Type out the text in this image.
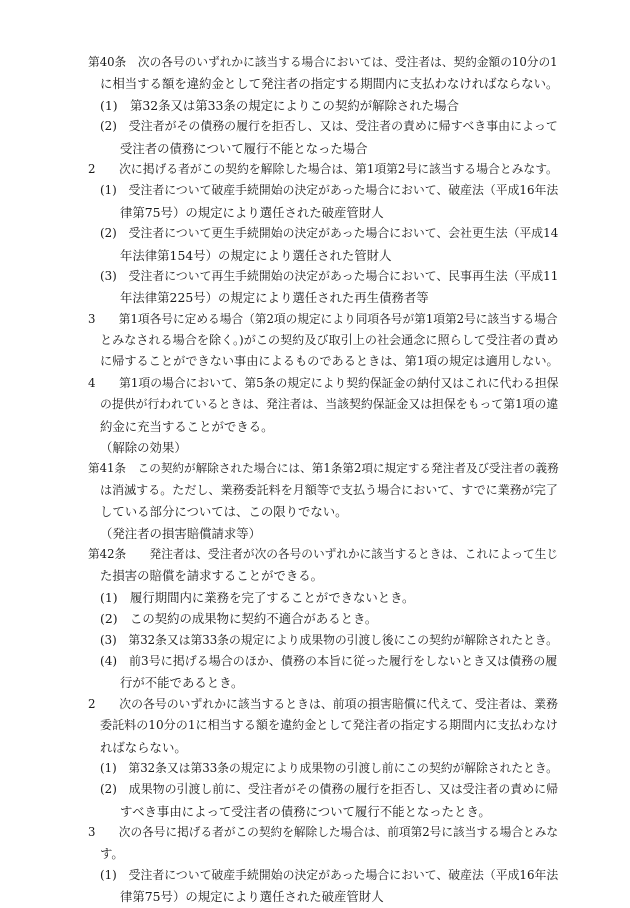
第40条　次の各号のいずれかに該当する場合においては、受注者は、契約金額の10分の1
に相当する額を違約金として発注者の指定する期間内に支払わなければならない。
(1)　第32条又は第33条の規定によりこの契約が解除された場合
(2)　受注者がその債務の履行を拒否し、又は、受注者の責めに帰すべき事由によって
受注者の債務について履行不能となった場合
2　　次に掲げる者がこの契約を解除した場合は、第1項第2号に該当する場合とみなす。
(1)　受注者について破産手続開始の決定があった場合において、破産法（平成16年法
律第75号）の規定により選任された破産管財人
(2)　受注者について更生手続開始の決定があった場合において、会社更生法（平成14
年法律第154号）の規定により選任された管財人
(3)　受注者について再生手続開始の決定があった場合において、民事再生法（平成11
年法律第225号）の規定により選任された再生債務者等
3　　第1項各号に定める場合（第2項の規定により同項各号が第1項第2号に該当する場合
とみなされる場合を除く。)がこの契約及び取引上の社会通念に照らして受注者の責め
に帰することができない事由によるものであるときは、第1項の規定は適用しない。
4　　第1項の場合において、第5条の規定により契約保証金の納付又はこれに代わる担保
の提供が行われているときは、発注者は、当該契約保証金又は担保をもって第1項の違
約金に充当することができる。
（解除の効果）
第41条　この契約が解除された場合には、第1条第2項に規定する発注者及び受注者の義務
は消滅する。ただし、業務委託料を月額等で支払う場合において、すでに業務が完了
している部分については、この限りでない。
（発注者の損害賠償請求等）
第42条　　発注者は、受注者が次の各号のいずれかに該当するときは、これによって生じ
た損害の賠償を請求することができる。
(1)　履行期間内に業務を完了することができないとき。
(2)　この契約の成果物に契約不適合があるとき。
(3)　第32条又は第33条の規定により成果物の引渡し後にこの契約が解除されたとき。
(4)　前3号に掲げる場合のほか、債務の本旨に従った履行をしないとき又は債務の履
行が不能であるとき。
2　　次の各号のいずれかに該当するときは、前項の損害賠償に代えて、受注者は、業務
委託料の10分の1に相当する額を違約金として発注者の指定する期間内に支払わなけ
ればならない。
(1)　第32条又は第33条の規定により成果物の引渡し前にこの契約が解除されたとき。
(2)　成果物の引渡し前に、受注者がその債務の履行を拒否し、又は受注者の責めに帰
すべき事由によって受注者の債務について履行不能となったとき。
3　　次の各号に掲げる者がこの契約を解除した場合は、前項第2号に該当する場合とみな
す。
(1)　受注者について破産手続開始の決定があった場合において、破産法（平成16年法
律第75号）の規定により選任された破産管財人
